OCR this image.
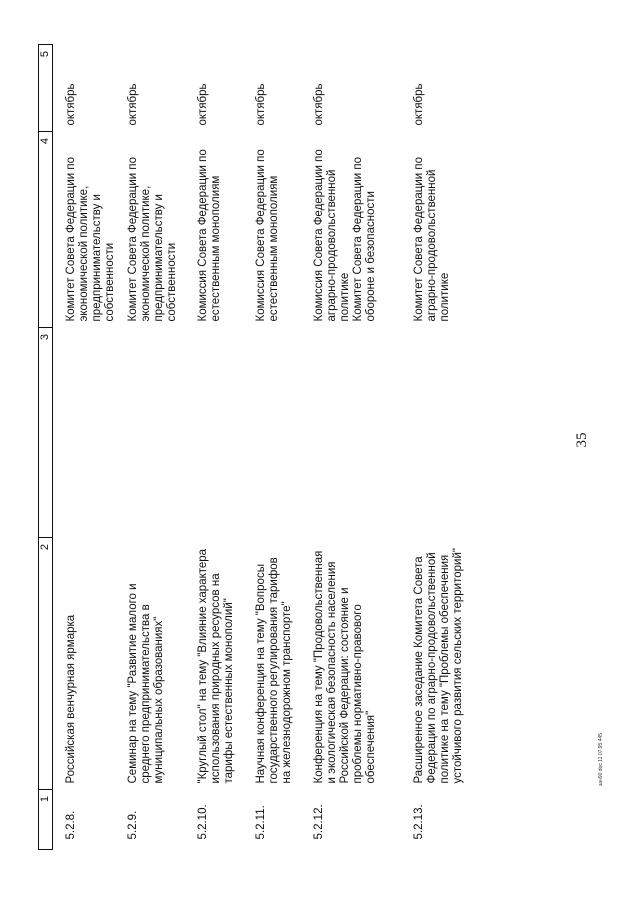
1	2	3	4	5

5.2.8.	Российская венчурная ярмарка		Комитет Совета Федерации по экономической политике, предпринимательству и собственности	октябрь
5.2.9.	Семинар на тему "Развитие малого и среднего предпринимательства в муниципальных образованиях"		Комитет Совета Федерации по экономической политике, предпринимательству и собственности	октябрь
5.2.10.	"Круглый стол" на тему "Влияние характера использования природных ресурсов на тарифы естественных монополий"		Комиссия Совета Федерации по естественным монополиям	октябрь
5.2.11.	Научная конференция на тему "Вопросы государственного регулирования тарифов на железнодорожном транспорте"		Комиссия Совета Федерации по естественным монополиям	октябрь
5.2.12.	Конференция на тему "Продовольственная и экологическая безопасность населения Российской Федерации: состояние и проблемы нормативно-правового обеспечения"		Комиссия Совета Федерации по аграрно-продовольственной политике Комитет Совета Федерации по обороне и безопасности	октябрь
5.2.13.	Расширенное заседание Комитета Совета Федерации по аграрно-продовольственной политике на тему "Проблемы обеспечения устойчивого развития сельских территорий"		Комитет Совета Федерации по аграрно-продовольственной политике	октябрь
35
зан90.doc 11.07.95 445
